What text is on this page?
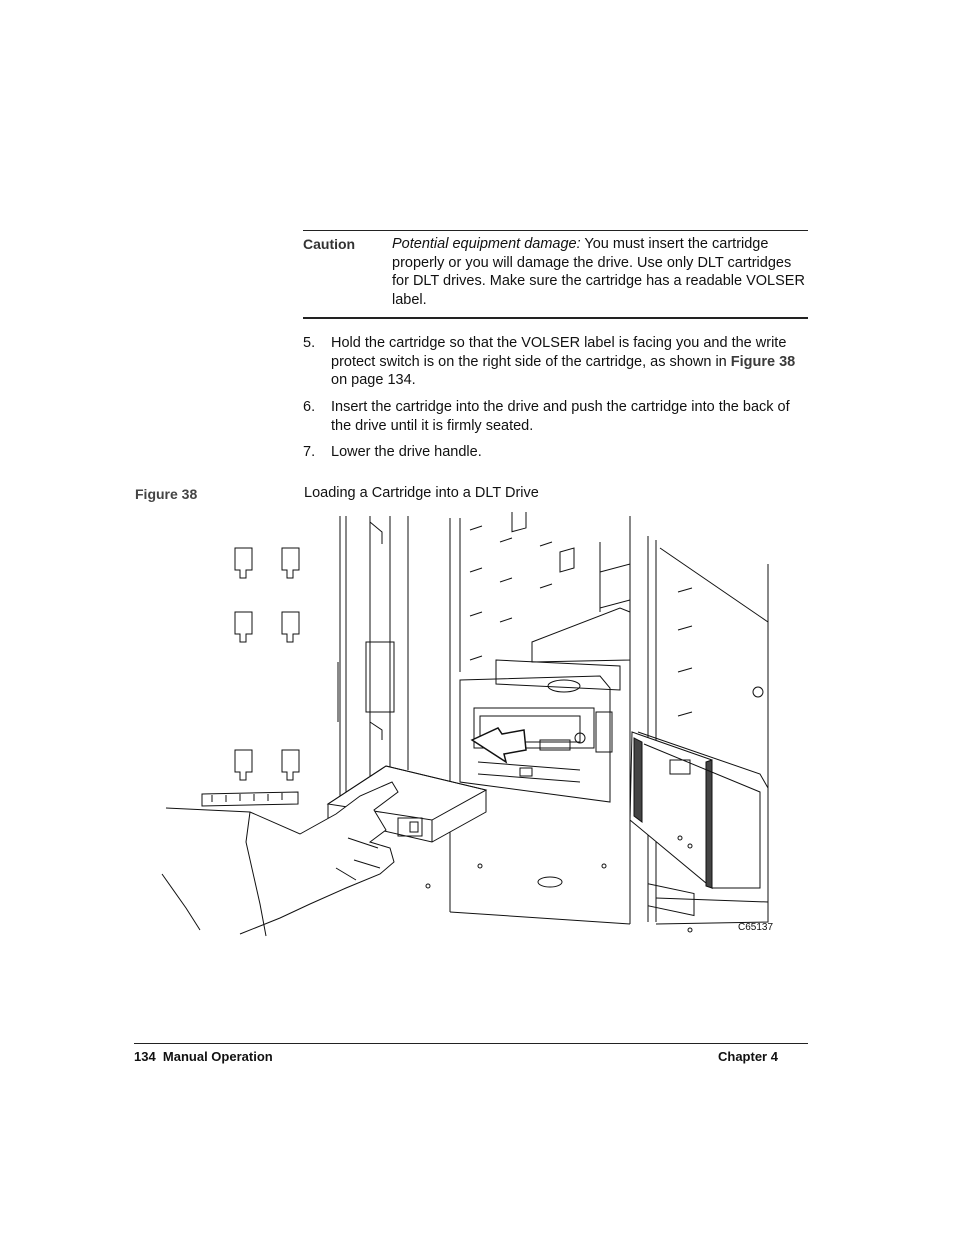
Caution	Potential equipment damage: You must insert the cartridge properly or you will damage the drive. Use only DLT cartridges for DLT drives. Make sure the cartridge has a readable VOLSER label.
5. Hold the cartridge so that the VOLSER label is facing you and the write protect switch is on the right side of the cartridge, as shown in Figure 38 on page 134.
6. Insert the cartridge into the drive and push the cartridge into the back of the drive until it is firmly seated.
7. Lower the drive handle.
Figure 38	Loading a Cartridge into a DLT Drive
C65137
134  Manual Operation	Chapter 4
